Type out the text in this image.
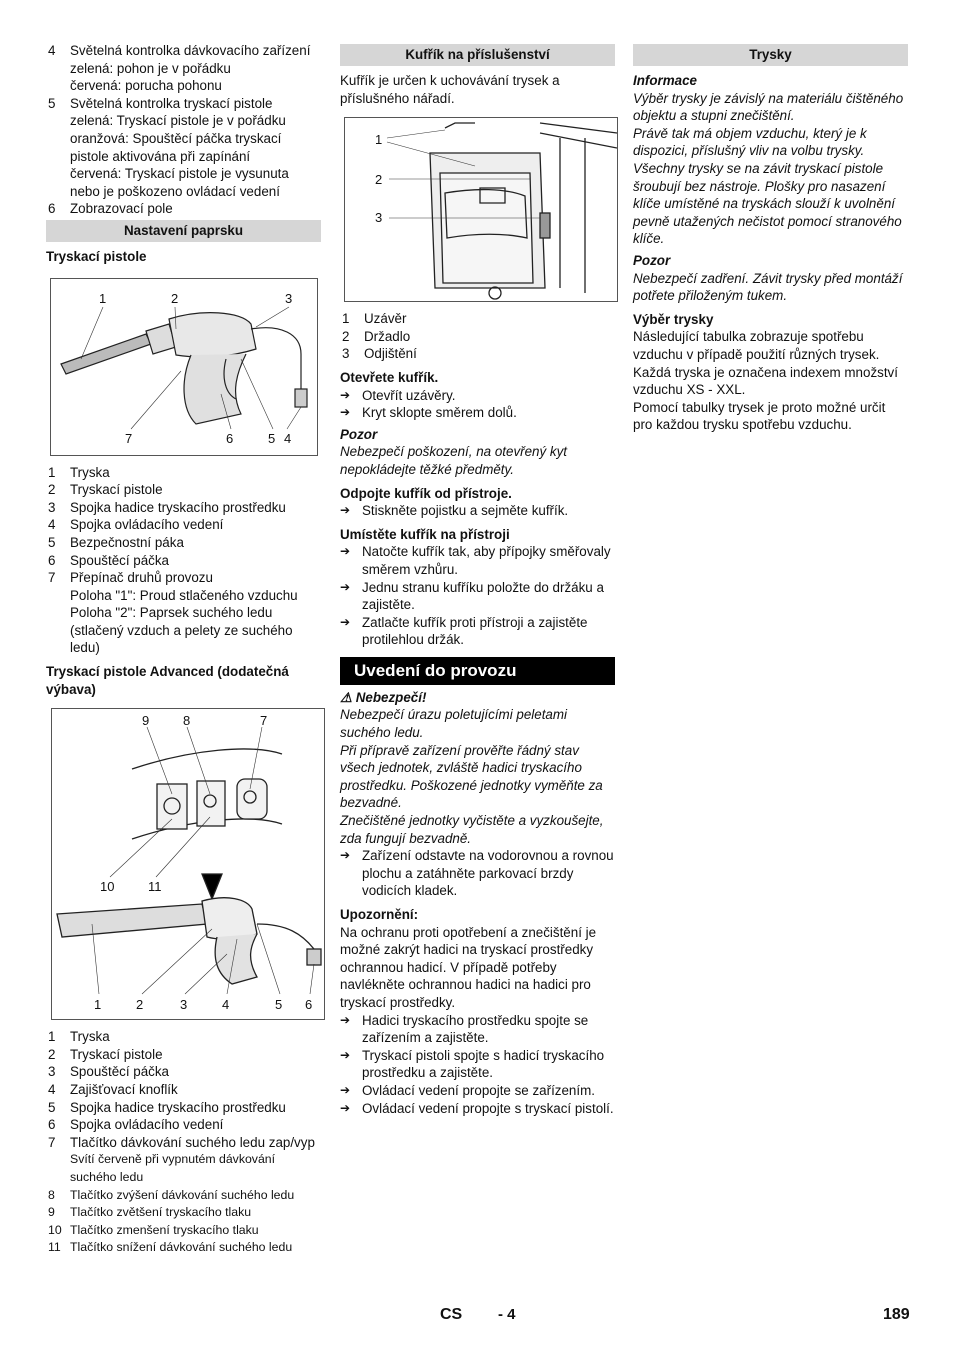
4 Světelná kontrolka dávkovacího zařízení
zelená: pohon je v pořádku
červená: porucha pohonu
5 Světelná kontrolka tryskací pistole
zelená: Tryskací pistole je v pořádku
oranžová: Spouštěcí páčka tryskací pistole aktivována při zapínání
červená: Tryskací pistole je vysunuta nebo je poškozeno ovládací vedení
6 Zobrazovací pole
Nastavení paprsku
Tryskací pistole
1	2	3
7	6	5 4
1 Tryska
2 Tryskací pistole
3 Spojka hadice tryskacího prostředku
4 Spojka ovládacího vedení
5 Bezpečnostní páka
6 Spouštěcí páčka
7 Přepínač druhů provozu
Poloha "1": Proud stlačeného vzduchu
Poloha "2": Paprsek suchého ledu (stlačený vzduch a pelety ze suchého ledu)
Tryskací pistole Advanced (dodatečná výbava)
9	8	7
10	11
1	2	3	4	5 6
1 Tryska
2 Tryskací pistole
3 Spouštěcí páčka
4 Zajišťovací knoflík
5 Spojka hadice tryskacího prostředku
6 Spojka ovládacího vedení
7 Tlačítko dávkování suchého ledu zap/vyp
Svítí červeně při vypnutém dávkování suchého ledu
8 Tlačítko zvýšení dávkování suchého ledu
9 Tlačítko zvětšení tryskacího tlaku
10 Tlačítko zmenšení tryskacího tlaku
11 Tlačítko snížení dávkování suchého ledu
Kufřík na příslušenství

Kufřík je určen k uchovávání trysek a příslušného nářadí.

1
2
3
1 Uzávěr
2 Držadlo
3 Odjištění
Otevřete kufřík.
➔ Otevřít uzávěry.
➔ Kryt sklopte směrem dolů.
Pozor
Nebezpečí poškození, na otevřený kyt nepokládejte těžké předměty.
Odpojte kufřík od přístroje.
➔ Stiskněte pojistku a sejměte kufřík.
Umístěte kufřík na přístroji
➔ Natočte kufřík tak, aby přípojky směřovaly směrem vzhůru.
➔ Jednu stranu kufříku položte do držáku a zajistěte.
➔ Zatlačte kufřík proti přístroji a zajistěte protilehlou držák.
Uvedení do provozu
⚠ Nebezpečí!
Nebezpečí úrazu poletujícími peletami suchého ledu.
Při přípravě zařízení prověřte řádný stav všech jednotek, zvláště hadici tryskacího prostředku. Poškozené jednotky vyměňte za bezvadné.
Znečištěné jednotky vyčistěte a vyzkoušejte, zda fungují bezvadně.
➔ Zařízení odstavte na vodorovnou a rovnou plochu a zatáhněte parkovací brzdy vodicích kladek.
Upozornění:
Na ochranu proti opotřebení a znečištění je možné zakrýt hadici na tryskací prostředky ochrannou hadicí. V případě potřeby navlékněte ochrannou hadici na hadici pro tryskací prostředky.
➔ Hadici tryskacího prostředku spojte se zařízením a zajistěte.
➔ Tryskací pistoli spojte s hadicí tryskacího prostředku a zajistěte.
➔ Ovládací vedení propojte se zařízením.
➔ Ovládací vedení propojte s tryskací pistolí.
Trysky
Informace
Výběr trysky je závislý na materiálu čištěného objektu a stupni znečištění.
Právě tak má objem vzduchu, který je k dispozici, příslušný vliv na volbu trysky.
Všechny trysky se na závit tryskací pistole šroubují bez nástroje. Plošky pro nasazení klíče umístěné na tryskách slouží k uvolnění pevně utažených nečistot pomocí stranového klíče.
Pozor
Nebezpečí zadření. Závit trysky před montáží potřete přiloženým tukem.
Výběr trysky
Následující tabulka zobrazuje spotřebu vzduchu v případě použití různých trysek. Každá tryska je označena indexem množství vzduchu XS - XXL.
Pomocí tabulky trysek je proto možné určit pro každou trysku spotřebu vzduchu.
CS - 4	189
